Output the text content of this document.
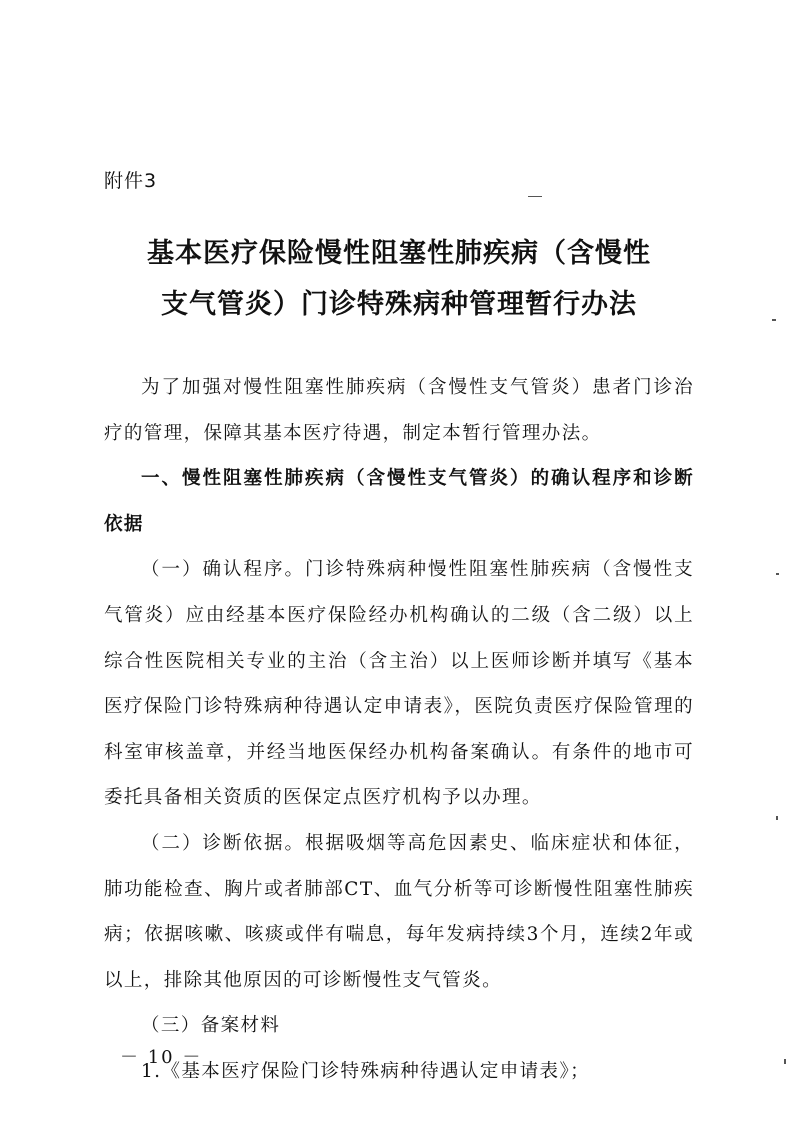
附件3
基本医疗保险慢性阻塞性肺疾病（含慢性
支气管炎）门诊特殊病种管理暂行办法

为了加强对慢性阻塞性肺疾病（含慢性支气管炎）患者门诊治疗的管理，保障其基本医疗待遇，制定本暂行管理办法。

一、慢性阻塞性肺疾病（含慢性支气管炎）的确认程序和诊断依据

（一）确认程序。门诊特殊病种慢性阻塞性肺疾病（含慢性支气管炎）应由经基本医疗保险经办机构确认的二级（含二级）以上综合性医院相关专业的主治（含主治）以上医师诊断并填写《基本医疗保险门诊特殊病种待遇认定申请表》，医院负责医疗保险管理的科室审核盖章，并经当地医保经办机构备案确认。有条件的地市可委托具备相关资质的医保定点医疗机构予以办理。

（二）诊断依据。根据吸烟等高危因素史、临床症状和体征，肺功能检查、胸片或者肺部CT、血气分析等可诊断慢性阻塞性肺疾病；依据咳嗽、咳痰或伴有喘息，每年发病持续3个月，连续2年或以上，排除其他原因的可诊断慢性支气管炎。

（三）备案材料

1.《基本医疗保险门诊特殊病种待遇认定申请表》；

－ 10 －
